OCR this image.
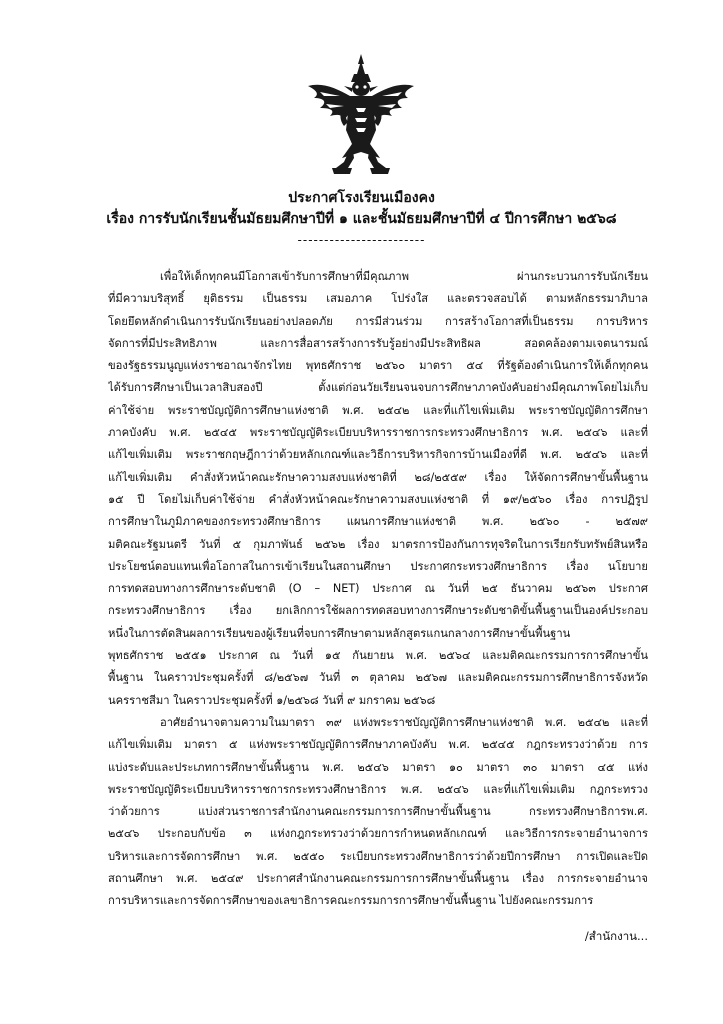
ประกาศโรงเรียนเมืองคง
เรื่อง การรับนักเรียนชั้นมัธยมศึกษาปีที่ ๑ และชั้นมัธยมศึกษาปีที่ ๔ ปีการศึกษา ๒๕๖๘
------------------------
เพื่อให้เด็กทุกคนมีโอกาสเข้ารับการศึกษาที่มีคุณภาพ ผ่านกระบวนการรับนักเรียน
ที่มีความบริสุทธิ์ ยุติธรรม เป็นธรรม เสมอภาค โปร่งใส และตรวจสอบได้ ตามหลักธรรมาภิบาล
โดยยึดหลักดำเนินการรับนักเรียนอย่างปลอดภัย การมีส่วนร่วม การสร้างโอกาสที่เป็นธรรม การบริหาร
จัดการที่มีประสิทธิภาพ และการสื่อสารสร้างการรับรู้อย่างมีประสิทธิผล สอดคล้องตามเจตนารมณ์
ของรัฐธรรมนูญแห่งราชอาณาจักรไทย พุทธศักราช ๒๕๖๐ มาตรา ๕๔ ที่รัฐต้องดำเนินการให้เด็กทุกคน
ได้รับการศึกษาเป็นเวลาสิบสองปี ตั้งแต่ก่อนวัยเรียนจนจบการศึกษาภาคบังคับอย่างมีคุณภาพโดยไม่เก็บ
ค่าใช้จ่าย พระราชบัญญัติการศึกษาแห่งชาติ พ.ศ. ๒๕๔๒ และที่แก้ไขเพิ่มเติม พระราชบัญญัติการศึกษา
ภาคบังคับ พ.ศ. ๒๕๔๕ พระราชบัญญัติระเบียบบริหารราชการกระทรวงศึกษาธิการ พ.ศ. ๒๕๔๖ และที่
แก้ไขเพิ่มเติม พระราชกฤษฎีกาว่าด้วยหลักเกณฑ์และวิธีการบริหารกิจการบ้านเมืองที่ดี พ.ศ. ๒๕๔๖ และที่
แก้ไขเพิ่มเติม คำสั่งหัวหน้าคณะรักษาความสงบแห่งชาติที่ ๒๘/๒๕๕๙ เรื่อง ให้จัดการศึกษาขั้นพื้นฐาน
๑๕ ปี โดยไม่เก็บค่าใช้จ่าย คำสั่งหัวหน้าคณะรักษาความสงบแห่งชาติ ที่ ๑๙/๒๕๖๐ เรื่อง การปฏิรูป
การศึกษาในภูมิภาคของกระทรวงศึกษาธิการ แผนการศึกษาแห่งชาติ พ.ศ. ๒๕๖๐ - ๒๕๗๙
มติคณะรัฐมนตรี วันที่ ๕ กุมภาพันธ์ ๒๕๖๒ เรื่อง มาตรการป้องกันการทุจริตในการเรียกรับทรัพย์สินหรือ
ประโยชน์ตอบแทนเพื่อโอกาสในการเข้าเรียนในสถานศึกษา ประกาศกระทรวงศึกษาธิการ เรื่อง นโยบาย
การทดสอบทางการศึกษาระดับชาติ (O – NET) ประกาศ ณ วันที่ ๒๕ ธันวาคม ๒๕๖๓ ประกาศ
กระทรวงศึกษาธิการ เรื่อง ยกเลิกการใช้ผลการทดสอบทางการศึกษาระดับชาติขั้นพื้นฐานเป็นองค์ประกอบ
หนึ่งในการตัดสินผลการเรียนของผู้เรียนที่จบการศึกษาตามหลักสูตรแกนกลางการศึกษาขั้นพื้นฐาน
พุทธศักราช ๒๕๕๑ ประกาศ ณ วันที่ ๑๕ กันยายน พ.ศ. ๒๕๖๔ และมติคณะกรรมการการศึกษาขั้น
พื้นฐาน ในคราวประชุมครั้งที่ ๘/๒๕๖๗ วันที่ ๓ ตุลาคม ๒๕๖๗ และมติคณะกรรมการศึกษาธิการจังหวัด
นครราชสีมา ในคราวประชุมครั้งที่ ๑/๒๕๖๘ วันที่ ๙ มกราคม ๒๕๖๘
อาศัยอำนาจตามความในมาตรา ๓๙ แห่งพระราชบัญญัติการศึกษาแห่งชาติ พ.ศ. ๒๕๔๒ และที่
แก้ไขเพิ่มเติม มาตรา ๕ แห่งพระราชบัญญัติการศึกษาภาคบังคับ พ.ศ. ๒๕๔๕ กฎกระทรวงว่าด้วย การ
แบ่งระดับและประเภทการศึกษาขั้นพื้นฐาน พ.ศ. ๒๕๔๖ มาตรา ๑๐ มาตรา ๓๐ มาตรา ๔๕ แห่ง
พระราชบัญญัติระเบียบบริหารราชการกระทรวงศึกษาธิการ พ.ศ. ๒๕๔๖ และที่แก้ไขเพิ่มเติม กฎกระทรวง
ว่าด้วยการ แบ่งส่วนราชการสำนักงานคณะกรรมการการศึกษาขั้นพื้นฐาน กระทรวงศึกษาธิการพ.ศ.
๒๕๔๖ ประกอบกับข้อ ๓ แห่งกฎกระทรวงว่าด้วยการกำหนดหลักเกณฑ์ และวิธีการกระจายอำนาจการ
บริหารและการจัดการศึกษา พ.ศ. ๒๕๕๐ ระเบียบกระทรวงศึกษาธิการว่าด้วยปีการศึกษา การเปิดและปิด
สถานศึกษา พ.ศ. ๒๕๔๙ ประกาศสำนักงานคณะกรรมการการศึกษาขั้นพื้นฐาน เรื่อง การกระจายอำนาจ
การบริหารและการจัดการศึกษาของเลขาธิการคณะกรรมการการศึกษาขั้นพื้นฐาน ไปยังคณะกรรมการ
/สำนักงาน...
